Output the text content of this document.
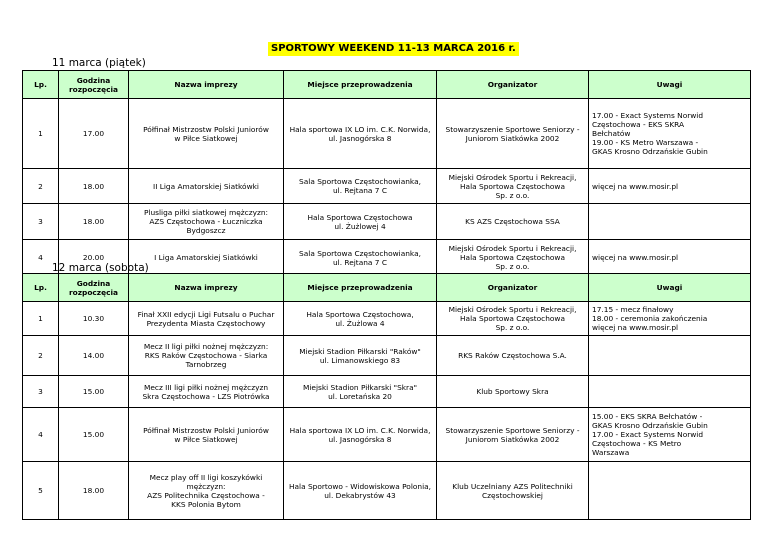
SPORTOWY WEEKEND 11-13 MARCA 2016 r.
11 marca (piątek)
Lp.	Godzina rozpoczęcia	Nazwa imprezy	Miejsce przeprowadzenia	Organizator	Uwagi
1	17.00	Półfinał Mistrzostw Polski Juniorów
w Piłce Siatkowej	Hala sportowa IX LO im. C.K. Norwida,
ul. Jasnogórska 8	Stowarzyszenie Sportowe Seniorzy -
Juniorom Siatkówka 2002	17.00 - Exact Systems Norwid
Częstochowa - EKS SKRA
Bełchatów
19.00 - KS Metro Warszawa -
GKAS Krosno Odrzańskie Gubin

2	18.00	II Liga Amatorskiej Siatkówki	Sala Sportowa Częstochowianka,
ul. Rejtana 7 C	Miejski Ośrodek Sportu i Rekreacji,
Hala Sportowa Częstochowa
Sp. z o.o.	więcej na www.mosir.pl

3	18.00	Plusliga piłki siatkowej mężczyzn:
AZS Częstochowa - Łuczniczka
Bydgoszcz	Hala Sportowa Częstochowa
ul. Żużlowej 4	KS AZS Częstochowa SSA	

4	20.00	I Liga Amatorskiej Siatkówki	Sala Sportowa Częstochowianka,
ul. Rejtana 7 C	Miejski Ośrodek Sportu i Rekreacji,
Hala Sportowa Częstochowa
Sp. z o.o.	więcej na www.mosir.pl
12 marca (sobota)
Lp.	Godzina rozpoczęcia	Nazwa imprezy	Miejsce przeprowadzenia	Organizator	Uwagi
1	10.30	Finał XXII edycji Ligi Futsalu o Puchar
Prezydenta Miasta Częstochowy	Hala Sportowa Częstochowa,
ul. Żużlowa 4	Miejski Ośrodek Sportu i Rekreacji,
Hala Sportowa Częstochowa
Sp. z o.o.	17.15 - mecz finałowy
18.00 - ceremonia zakończenia
więcej na www.mosir.pl

2	14.00	Mecz II ligi piłki nożnej mężczyzn:
RKS Raków Częstochowa - Siarka
Tarnobrzeg	Miejski Stadion Piłkarski "Raków"
ul. Limanowskiego 83	RKS Raków Częstochowa S.A.	

3	15.00	Mecz III ligi piłki nożnej mężczyzn
Skra Częstochowa - LZS Piotrówka	Miejski Stadion Piłkarski "Skra"
ul. Loretańska 20	Klub Sportowy Skra	

4	15.00	Półfinał Mistrzostw Polski Juniorów
w Piłce Siatkowej	Hala sportowa IX LO im. C.K. Norwida,
ul. Jasnogórska 8	Stowarzyszenie Sportowe Seniorzy -
Juniorom Siatkówka 2002	15.00 - EKS SKRA Bełchatów -
GKAS Krosno Odrzańskie Gubin
17.00 - Exact Systems Norwid
Częstochowa - KS Metro
Warszawa

5	18.00	Mecz play off II ligi koszykówki
mężczyzn:
AZS Politechnika Częstochowa -
KKS Polonia Bytom	Hala Sportowo - Widowiskowa Polonia,
ul. Dekabrystów 43	Klub Uczelniany AZS Politechniki
Częstochowskiej	
